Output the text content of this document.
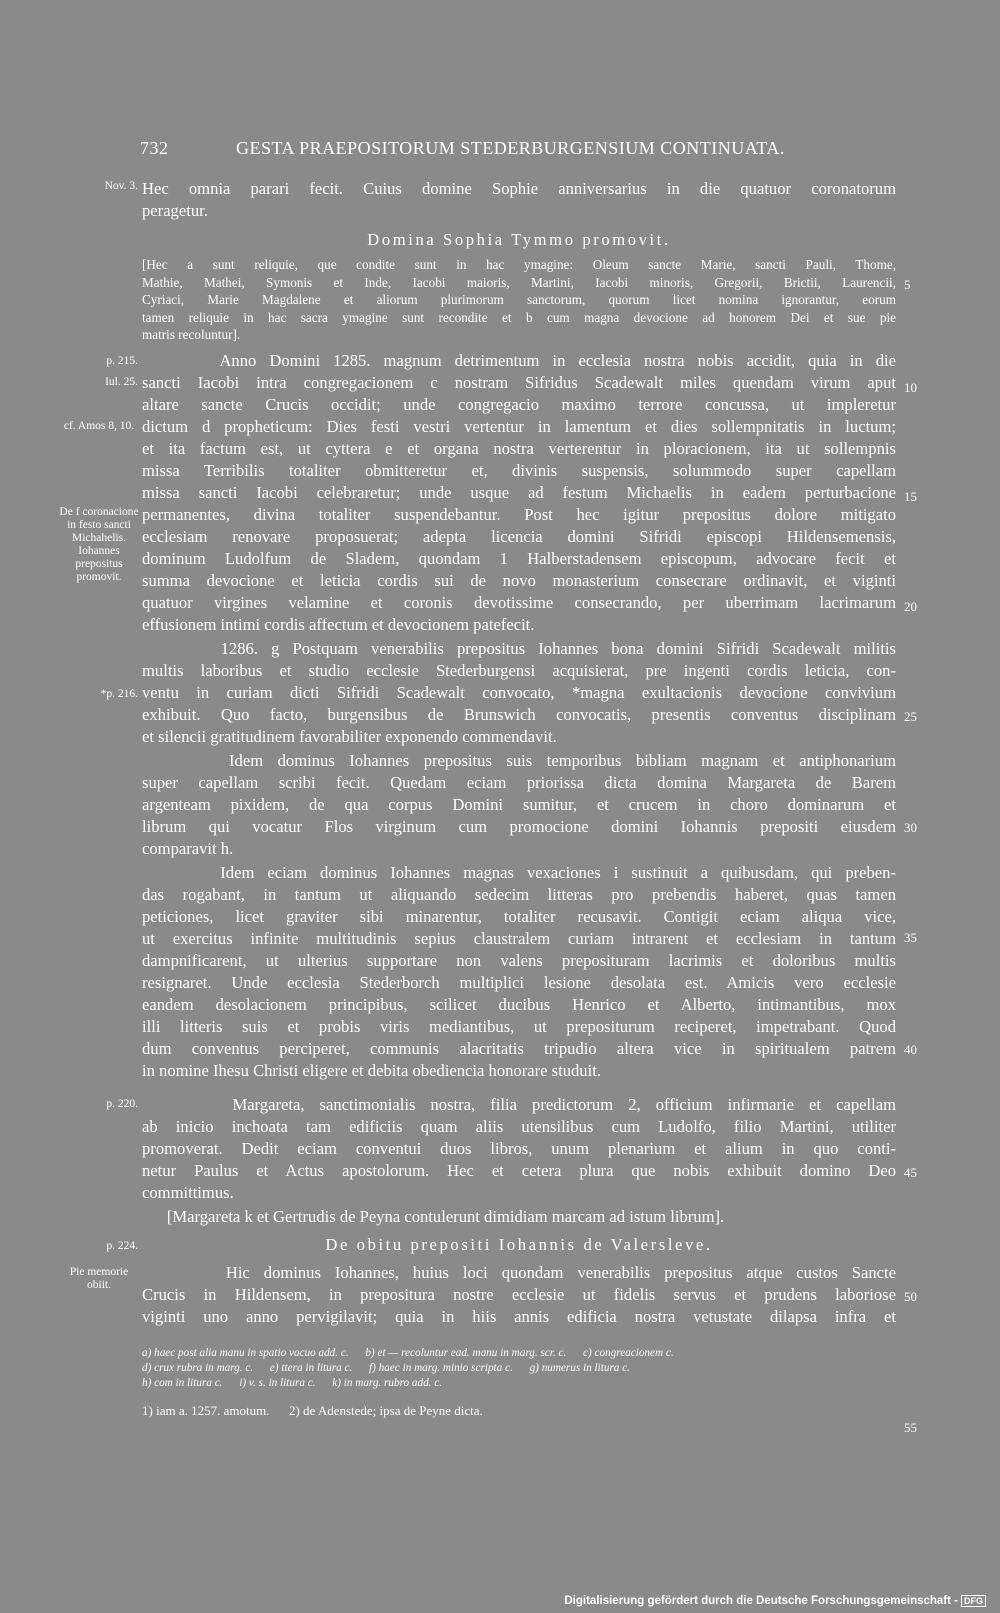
732	GESTA PRAEPOSITORUM STEDERBURGENSIUM CONTINUATA.
Hec omnia parari fecit. Cuius domine Sophie anniversarius in die quatuor coronatorum
peragetur.
Domina Sophia Tymmo promovit.
[Hec a sunt reliquie, que condite sunt in hac ymagine: Oleum sancte Marie, sancti Pauli, Thome,
Mathie, Mathei, Symonis et Inde, Iacobi maioris, Martini, Iacobi minoris, Gregorii, Brictii, Laurencii,
Cyriaci, Marie Magdalene et aliorum plurimorum sanctorum, quorum licet nomina ignorantur, eorum
tamen reliquie in hac sacra ymagine sunt recondite et b cum magna devocione ad honorem Dei et sue pie
matris recoluntur].
Anno Domini 1285. magnum detrimentum in ecclesia nostra nobis accidit, quia in die
sancti Iacobi intra congregacionem c nostram Sifridus Scadewalt miles quendam virum aput
altare sancte Crucis occidit; unde congregacio maximo terrore concussa, ut impleretur
dictum d propheticum: Dies festi vestri vertentur in lamentum et dies sollempnitatis in luctum;
et ita factum est, ut cyttera e et organa nostra verterentur in ploracionem, ita ut sollempnis
missa Terribilis totaliter obmitteretur et, divinis suspensis, solummodo super capellam
missa sancti Iacobi celebraretur; unde usque ad festum Michaelis in eadem perturbacione
permanentes, divina totaliter suspendebantur. Post hec igitur prepositus dolore mitigato
ecclesiam renovare proposuerat; adepta licencia domini Sifridi episcopi Hildensemensis,
dominum Ludolfum de Sladem, quondam 1 Halberstadensem episcopum, advocare fecit et
summa devocione et leticia cordis sui de novo monasterium consecrare ordinavit, et viginti
quatuor virgines velamine et coronis devotissime consecrando, per uberrimam lacrimarum
effusionem intimi cordis affectum et devocionem patefecit.
1286. g Postquam venerabilis prepositus Iohannes bona domini Sifridi Scadewalt militis
multis laboribus et studio ecclesie Stederburgensi acquisierat, pre ingenti cordis leticia, con-
ventu in curiam dicti Sifridi Scadewalt convocato, *magna exultacionis devocione convivium
exhibuit. Quo facto, burgensibus de Brunswich convocatis, presentis conventus disciplinam
et silencii gratitudinem favorabiliter exponendo commendavit.
Idem dominus Iohannes prepositus suis temporibus bibliam magnam et antiphonarium
super capellam scribi fecit. Quedam eciam priorissa dicta domina Margareta de Barem
argenteam pixidem, de qua corpus Domini sumitur, et crucem in choro dominarum et
librum qui vocatur Flos virginum cum promocione domini Iohannis prepositi eiusdem
comparavit h.
Idem eciam dominus Iohannes magnas vexaciones i sustinuit a quibusdam, qui preben-
das rogabant, in tantum ut aliquando sedecim litteras pro prebendis haberet, quas tamen
peticiones, licet graviter sibi minarentur, totaliter recusavit. Contigit eciam aliqua vice,
ut exercitus infinite multitudinis sepius claustralem curiam intrarent et ecclesiam in tantum
dampnificarent, ut ulterius supportare non valens preposituram lacrimis et doloribus multis
resignaret. Unde ecclesia Stederborch multiplici lesione desolata est. Amicis vero ecclesie
eandem desolacionem principibus, scilicet ducibus Henrico et Alberto, intimantibus, mox
illi litteris suis et probis viris mediantibus, ut prepositurum reciperet, impetrabant. Quod
dum conventus perciperet, communis alacritatis tripudio altera vice in spiritualem patrem
in nomine Ihesu Christi eligere et debita obediencia honorare studuit.
Margareta, sanctimonialis nostra, filia predictorum 2, officium infirmarie et capellam
ab inicio inchoata tam edificiis quam aliis utensilibus cum Ludolfo, filio Martini, utiliter
promoverat. Dedit eciam conventui duos libros, unum plenarium et alium in quo conti-
netur Paulus et Actus apostolorum. Hec et cetera plura que nobis exhibuit domino Deo
committimus.
[Margareta k et Gertrudis de Peyna contulerunt dimidiam marcam ad istum librum].
De obitu prepositi Iohannis de Valersleve.
Hic dominus Iohannes, huius loci quondam venerabilis prepositus atque custos Sancte
Crucis in Hildensem, in prepositura nostre ecclesie ut fidelis servus et prudens laboriose
viginti uno anno pervigilavit; quia in hiis annis edificia nostra vetustate dilapsa infra et
Nov. 3.
p. 215.
Iul. 25.
cf. Amos 8, 10.
De f coronacione in festo sancti Michahelis. Iohannes prepositus promovit.
*p. 216.
p. 220.
p. 224.
Pie memorie obiit.
5
10
15
20
25
30
35
40
45
50
55
a) haec post alia manu in spatio vacuo add. c.      b) et — recoluntur ead. manu in marg. scr. c.      c) congreacionem c.
d) crux rubra in marg. c.      e) ttera in litura c.      f) haec in marg. minio scripta c.      g) numerus in litura c.
h) com in litura c.      i) v. s. in litura c.      k) in marg. rubro add. c.
1) iam a. 1257. amotum.      2) de Adenstede; ipsa de Peyne dicta.
Digitalisierung gefördert durch die Deutsche Forschungsgemeinschaft - DFG
